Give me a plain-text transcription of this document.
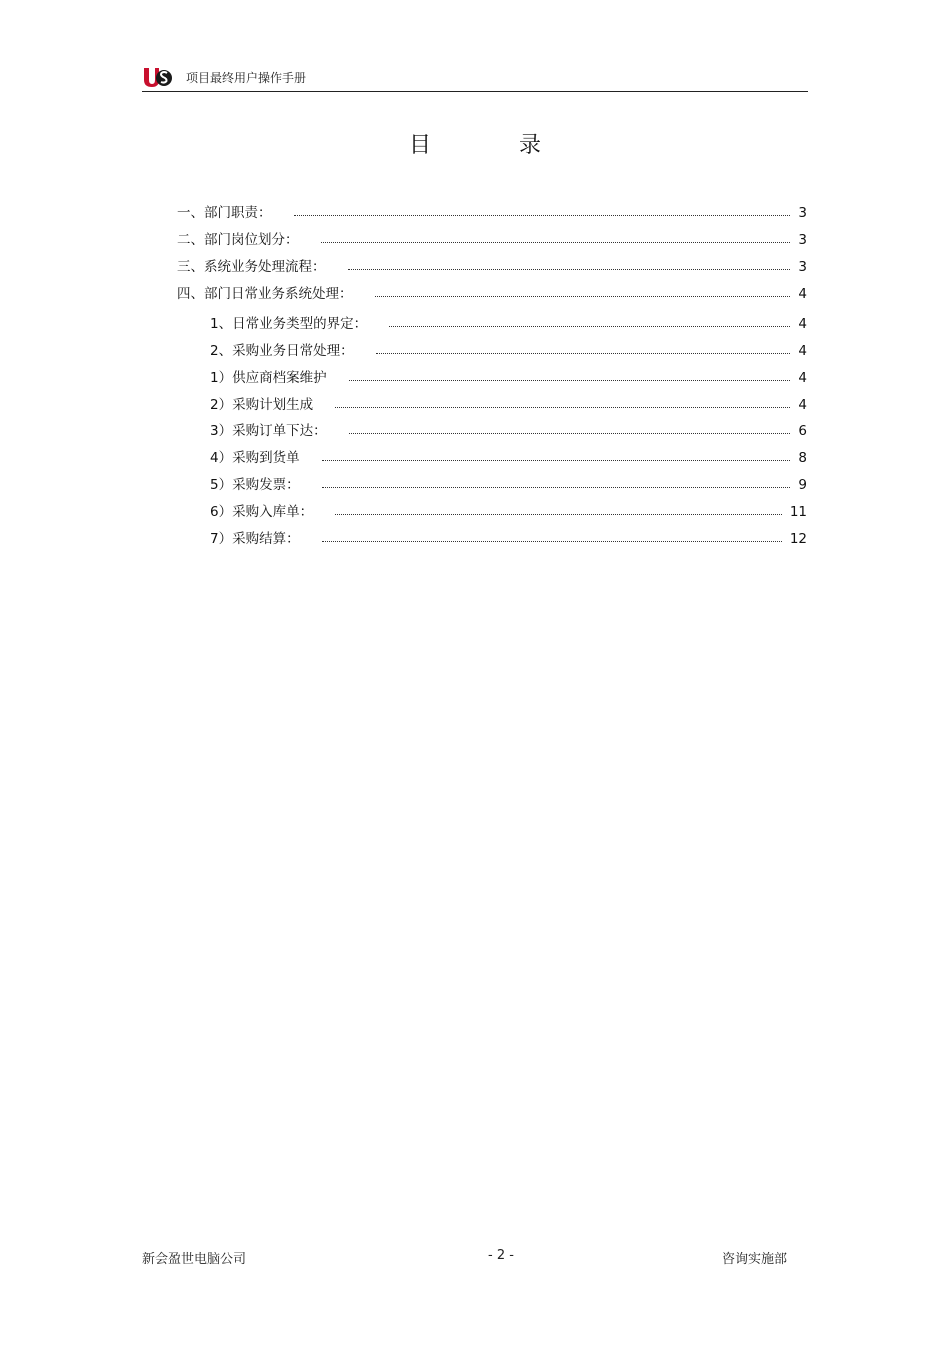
项目最终用户操作手册
目	录
一、部门职责：	3
二、部门岗位划分：	3
三、系统业务处理流程：	3
四、部门日常业务系统处理：	4
1、日常业务类型的界定：	4
2、采购业务日常处理：	4
1）供应商档案维护	4
2）采购计划生成	4
3）采购订单下达：	6
4）采购到货单	8
5）采购发票：	9
6）采购入库单：	11
7）采购结算：	12
新会盈世电脑公司	- 2 -	咨询实施部
